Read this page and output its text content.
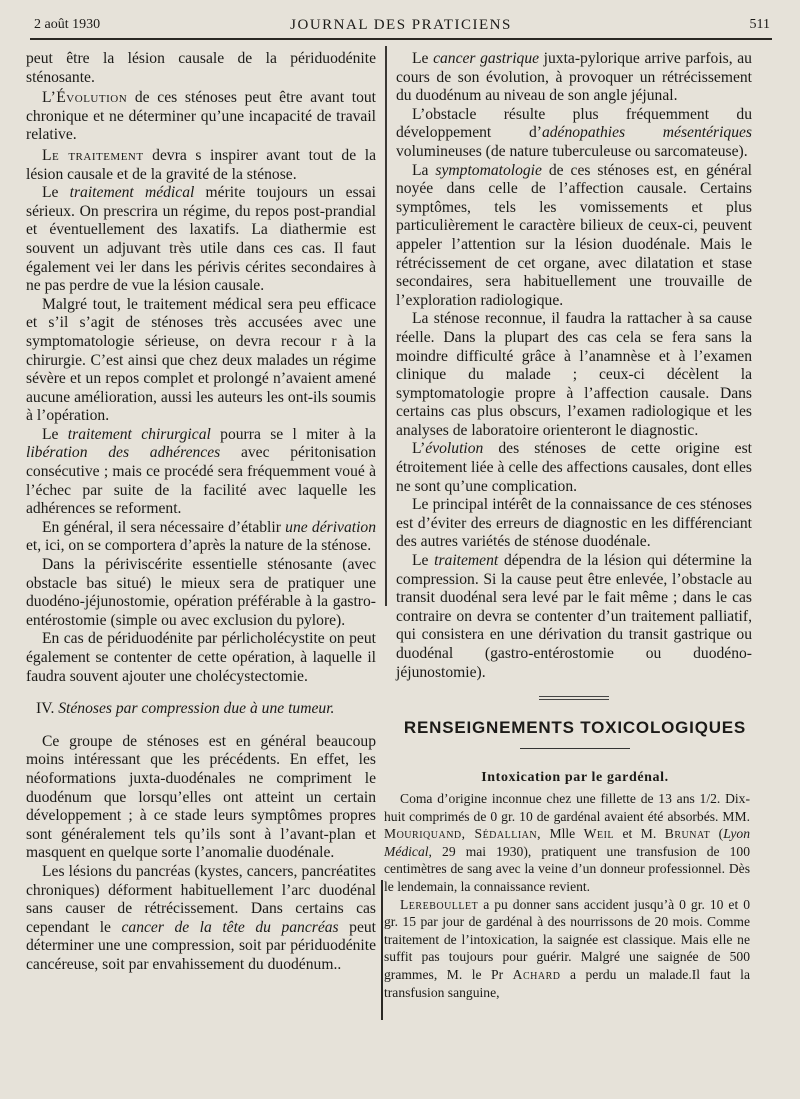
2 août 1930	JOURNAL DES PRATICIENS	511

peut être la lésion causale de la périduodénite sténosante.

L’Évolution de ces sténoses peut être avant tout chronique et ne déterminer qu’une incapacité de travail relative.

Le traitement devra s inspirer avant tout de la lésion causale et de la gravité de la sténose.

Le traitement médical mérite toujours un essai sérieux. On prescrira un régime, du repos post-prandial et éventuellement des laxatifs. La diathermie est souvent un adjuvant très utile dans ces cas. Il faut également vei ler dans les périvis cérites secondaires à ne pas perdre de vue la lésion causale.

Malgré tout, le traitement médical sera peu efficace et s’il s’agit de sténoses très accusées avec une symptomatologie sérieuse, on devra recour r à la chirurgie. C’est ainsi que chez deux malades un régime sévère et un repos complet et prolongé n’avaient amené aucune amélioration, aussi les auteurs les ont-ils soumis à l’opération.

Le traitement chirurgical pourra se l miter à la libération des adhérences avec péritonisation consécutive ; mais ce procédé sera fréquemment voué à l’échec par suite de la facilité avec laquelle les adhérences se reforment.

En général, il sera nécessaire d’établir une dérivation et, ici, on se comportera d’après la nature de la sténose.

Dans la périviscérite essentielle sténosante (avec obstacle bas situé) le mieux sera de pratiquer une duodéno-jéjunostomie, opération préférable à la gastro-entérostomie (simple ou avec exclusion du pylore).

En cas de périduodénite par pérlicholécystite on peut également se contenter de cette opération, à laquelle il faudra souvent ajouter une cholécystectomie.

IV. Sténoses par compression due à une tumeur.

Ce groupe de sténoses est en général beaucoup moins intéressant que les précédents. En effet, les néoformations juxta-duodénales ne compriment le duodénum que lorsqu’elles ont atteint un certain développement ; à ce stade leurs symptômes propres sont généralement tels qu’ils sont à l’avant-plan et masquent en quelque sorte l’anomalie duodénale.

Les lésions du pancréas (kystes, cancers, pancréatites chroniques) déforment habituellement l’arc duodénal sans causer de rétrécissement. Dans certains cas cependant le cancer de la tête du pancréas peut déterminer une une compression, soit par périduodénite cancéreuse, soit par envahissement du duodénum..

Le cancer gastrique juxta-pylorique arrive parfois, au cours de son évolution, à provoquer un rétrécissement du duodénum au niveau de son angle jéjunal.

L’obstacle résulte plus fréquemment du développement d’adénopathies mésentériques volumineuses (de nature tuberculeuse ou sarcomateuse).

La symptomatologie de ces sténoses est, en général noyée dans celle de l’affection causale. Certains symptômes, tels les vomissements et plus particulièrement le caractère bilieux de ceux-ci, peuvent appeler l’attention sur la lésion duodénale. Mais le rétrécissement de cet organe, avec dilatation et stase secondaires, sera habituellement une trouvaille de l’exploration radiologique.

La sténose reconnue, il faudra la rattacher à sa cause réelle. Dans la plupart des cas cela se fera sans la moindre difficulté grâce à l’anamnèse et à l’examen clinique du malade ; ceux-ci décèlent la symptomatologie propre à l’affection causale. Dans certains cas plus obscurs, l’examen radiologique et les analyses de laboratoire orienteront le diagnostic.

L’évolution des sténoses de cette origine est étroitement liée à celle des affections causales, dont elles ne sont qu’une complication.

Le principal intérêt de la connaissance de ces sténoses est d’éviter des erreurs de diagnostic en les différenciant des autres variétés de sténose duodénale.

Le traitement dépendra de la lésion qui détermine la compression. Si la cause peut être enlevée, l’obstacle au transit duodénal sera levé par le fait même ; dans le cas contraire on devra se contenter d’un traitement palliatif, qui consistera en une dérivation du transit gastrique ou duodénal (gastro-entérostomie ou duodéno-jéjunostomie).

RENSEIGNEMENTS TOXICOLOGIQUES
Intoxication par le gardénal.

Coma d’origine inconnue chez une fillette de 13 ans 1/2. Dix-huit comprimés de 0 gr. 10 de gardénal avaient été absorbés. MM. Mouriquand, Sédallian, Mlle Weil et M. Brunat (Lyon Médical, 29 mai 1930), pratiquent une transfusion de 100 centimètres de sang avec la veine d’un donneur professionnel. Dès le lendemain, la connaissance revient.

Lereboullet a pu donner sans accident jusqu’à 0 gr. 10 et 0 gr. 15 par jour de gardénal à des nourrissons de 20 mois. Comme traitement de l’intoxication, la saignée est classique. Mais elle ne suffit pas toujours pour guérir. Malgré une saignée de 500 grammes, M. le Pr Achard a perdu un malade.Il faut la transfusion sanguine,
